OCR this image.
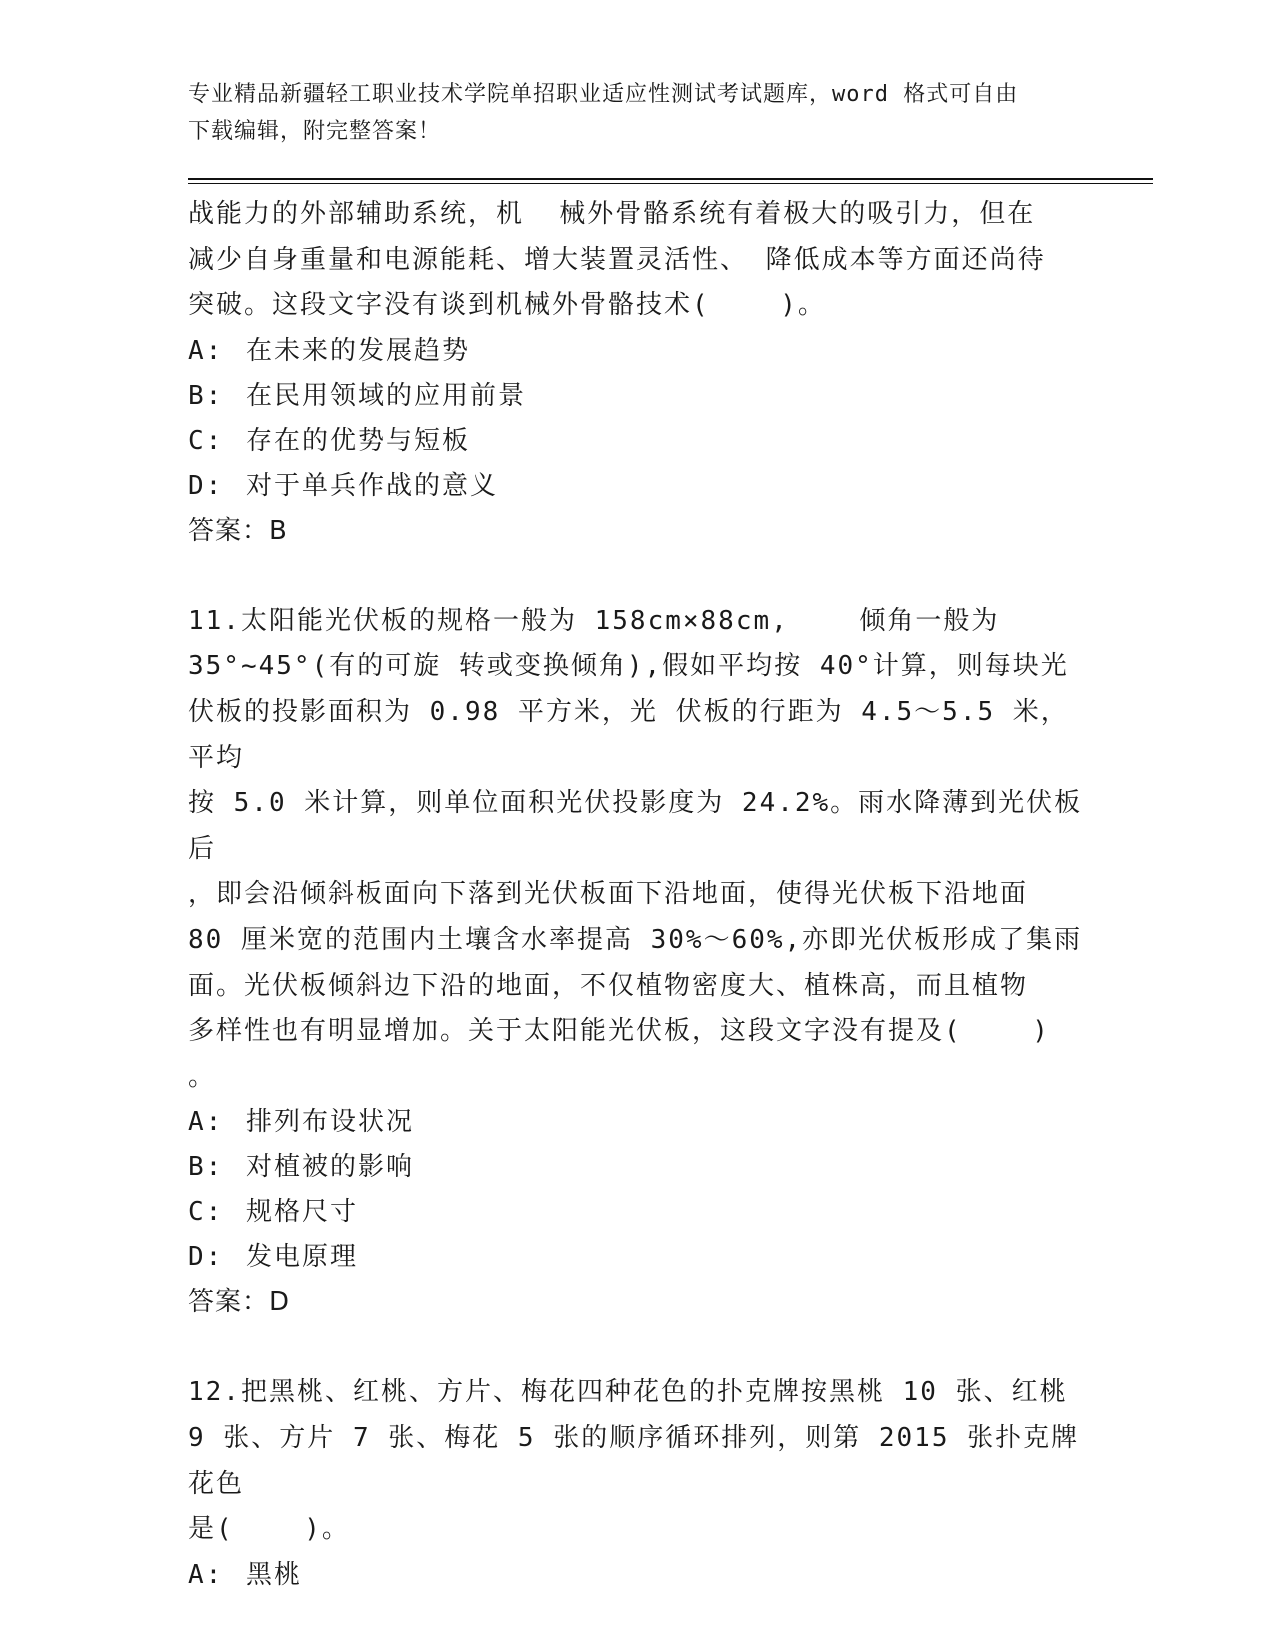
专业精品新疆轻工职业技术学院单招职业适应性测试考试题库，word 格式可自由
下载编辑，附完整答案！

战能力的外部辅助系统，机  械外骨骼系统有着极大的吸引力，但在

减少自身重量和电源能耗、增大装置灵活性、 降低成本等方面还尚待

突破。这段文字没有谈到机械外骨骼技术(    )。

A: 在未来的发展趋势
B: 在民用领域的应用前景
C: 存在的优势与短板
D: 对于单兵作战的意义

答案：B

11.太阳能光伏板的规格一般为 158cm×88cm,    倾角一般为

35°~45°(有的可旋 转或变换倾角),假如平均按 40°计算，则每块光

伏板的投影面积为 0.98 平方米，光 伏板的行距为 4.5～5.5 米，平均

按 5.0 米计算，则单位面积光伏投影度为 24.2%。雨水降薄到光伏板后

，即会沿倾斜板面向下落到光伏板面下沿地面，使得光伏板下沿地面

80 厘米宽的范围内土壤含水率提高 30%～60%,亦即光伏板形成了集雨

面。光伏板倾斜边下沿的地面，不仅植物密度大、植株高，而且植物

多样性也有明显增加。关于太阳能光伏板，这段文字没有提及(    )

。

A: 排列布设状况
B: 对植被的影响
C: 规格尺寸
D: 发电原理

答案：D

12.把黑桃、红桃、方片、梅花四种花色的扑克牌按黑桃 10 张、红桃

9 张、方片 7 张、梅花 5 张的顺序循环排列，则第 2015 张扑克牌花色

是(    )。

A: 黑桃
